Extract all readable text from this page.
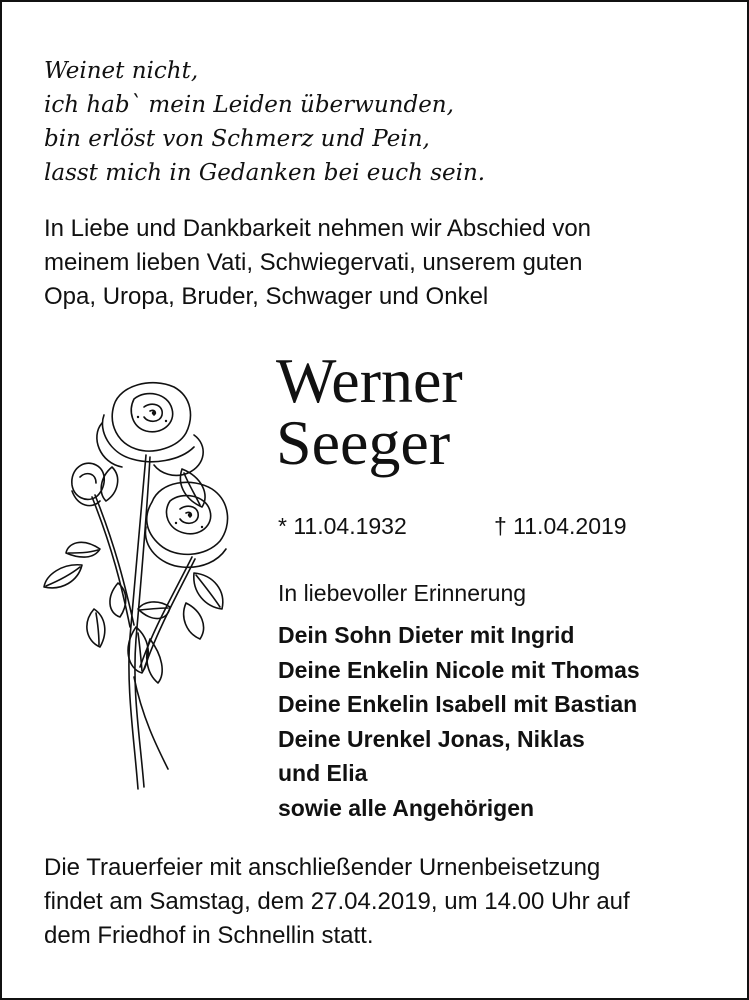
Weinet nicht,
ich hab` mein Leiden überwunden,
bin erlöst von Schmerz und Pein,
lasst mich in Gedanken bei euch sein.
In Liebe und Dankbarkeit nehmen wir Abschied von
meinem lieben Vati, Schwiegervati, unserem guten
Opa, Uropa, Bruder, Schwager und Onkel
Werner
Seeger
* 11.04.1932	† 11.04.2019
In liebevoller Erinnerung
Dein Sohn Dieter mit Ingrid
Deine Enkelin Nicole mit Thomas
Deine Enkelin Isabell mit Bastian
Deine Urenkel Jonas, Niklas
und Elia
sowie alle Angehörigen
Die Trauerfeier mit anschließender Urnenbeisetzung
findet am Samstag, dem 27.04.2019, um 14.00 Uhr auf
dem Friedhof in Schnellin statt.
